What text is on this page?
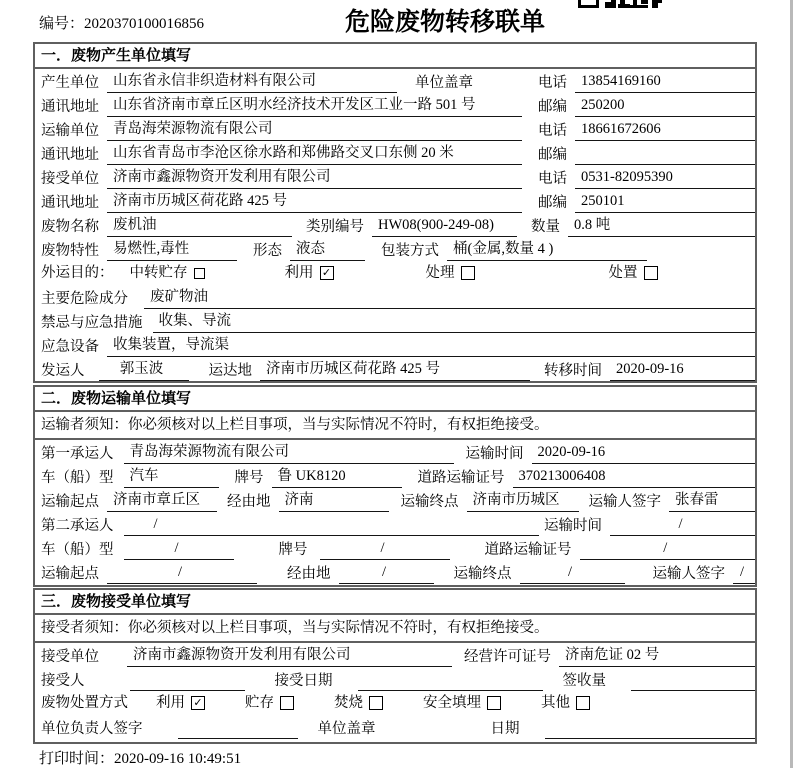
编号：2020370100016856	危险废物转移联单
一．废物产生单位填写
产生单位 山东省永信非织造材料有限公司	单位盖章	电话 13854169160
通讯地址 山东省济南市章丘区明水经济技术开发区工业一路 501 号	邮编 250200
运输单位 青岛海荣源物流有限公司	电话 18661672606
通讯地址 山东省青岛市李沧区徐水路和郑佛路交叉口东侧 20 米	邮编
接受单位 济南市鑫源物资开发利用有限公司	电话 0531-82095390
通讯地址 济南市历城区荷花路 425 号	邮编 250101
废物名称 废机油	类别编号 HW08(900-249-08)	数量 0.8 吨
废物特性 易燃性,毒性	形态 液态	包装方式 桶(金属,数量 4 )
外运目的： 中转贮存	利用 ✓	处理	处置
主要危险成分	废矿物油
禁忌与应急措施	收集、导流
应急设备 收集装置，导流渠
发运人	郭玉波	运达地 济南市历城区荷花路 425 号	转移时间 2020-09-16
二．废物运输单位填写
运输者须知：你必须核对以上栏目事项，当与实际情况不符时，有权拒绝接受。
第一承运人	青岛海荣源物流有限公司	运输时间 2020-09-16
车（船）型	汽车	牌号 鲁 UK8120	道路运输证号 370213006408
运输起点 济南市章丘区	经由地 济南	运输终点 济南市历城区	运输人签字 张春雷
第二承运人	/	运输时间	/
车（船）型	/	牌号	/	道路运输证号	/
运输起点	/	经由地	/	运输终点	/	运输人签字	/
三．废物接受单位填写
接受者须知：你必须核对以上栏目事项，当与实际情况不符时，有权拒绝接受。
接受单位	济南市鑫源物资开发利用有限公司	经营许可证号 济南危证 02 号
接受人	接受日期	签收量
废物处置方式 利用 ✓	贮存	焚烧	安全填埋	其他
单位负责人签字	单位盖章	日期
打印时间：2020-09-16 10:49:51
